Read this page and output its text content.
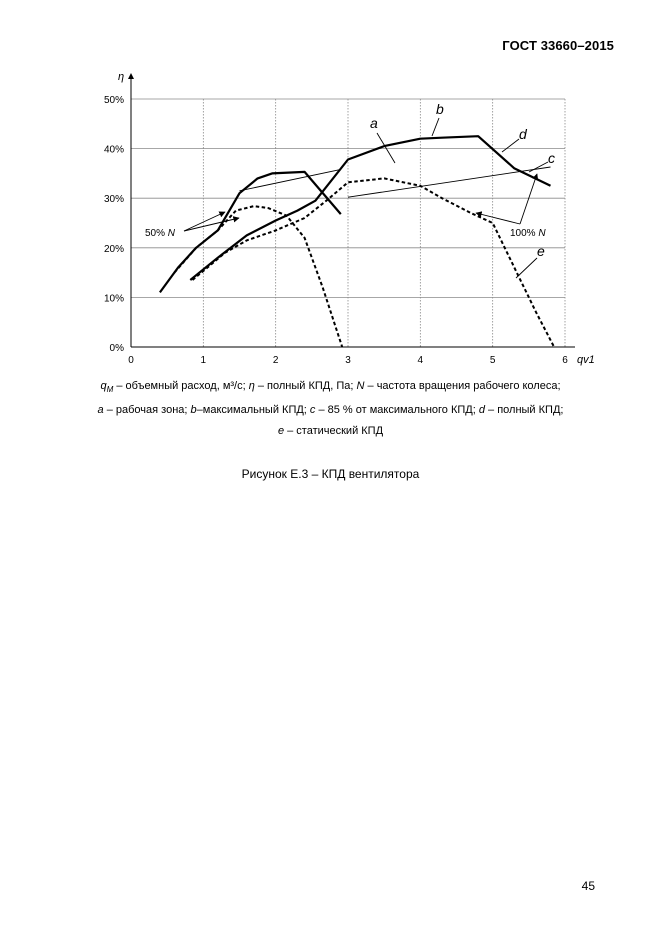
ГОСТ 33660–2015
0	1	2	3	4	5	6
0%
10%
20%
30%
40%
50%
η
qv1
a
b
c
d
e
50% N	100% N
$q_М$ – объемный расход, м³/с; η – полный КПД, Па; N – частота вращения рабочего колеса;
a – рабочая зона; b–максимальный КПД; c – 85 % от максимального КПД; d – полный КПД;
e – статический КПД
Рисунок Е.3 – КПД вентилятора
45
